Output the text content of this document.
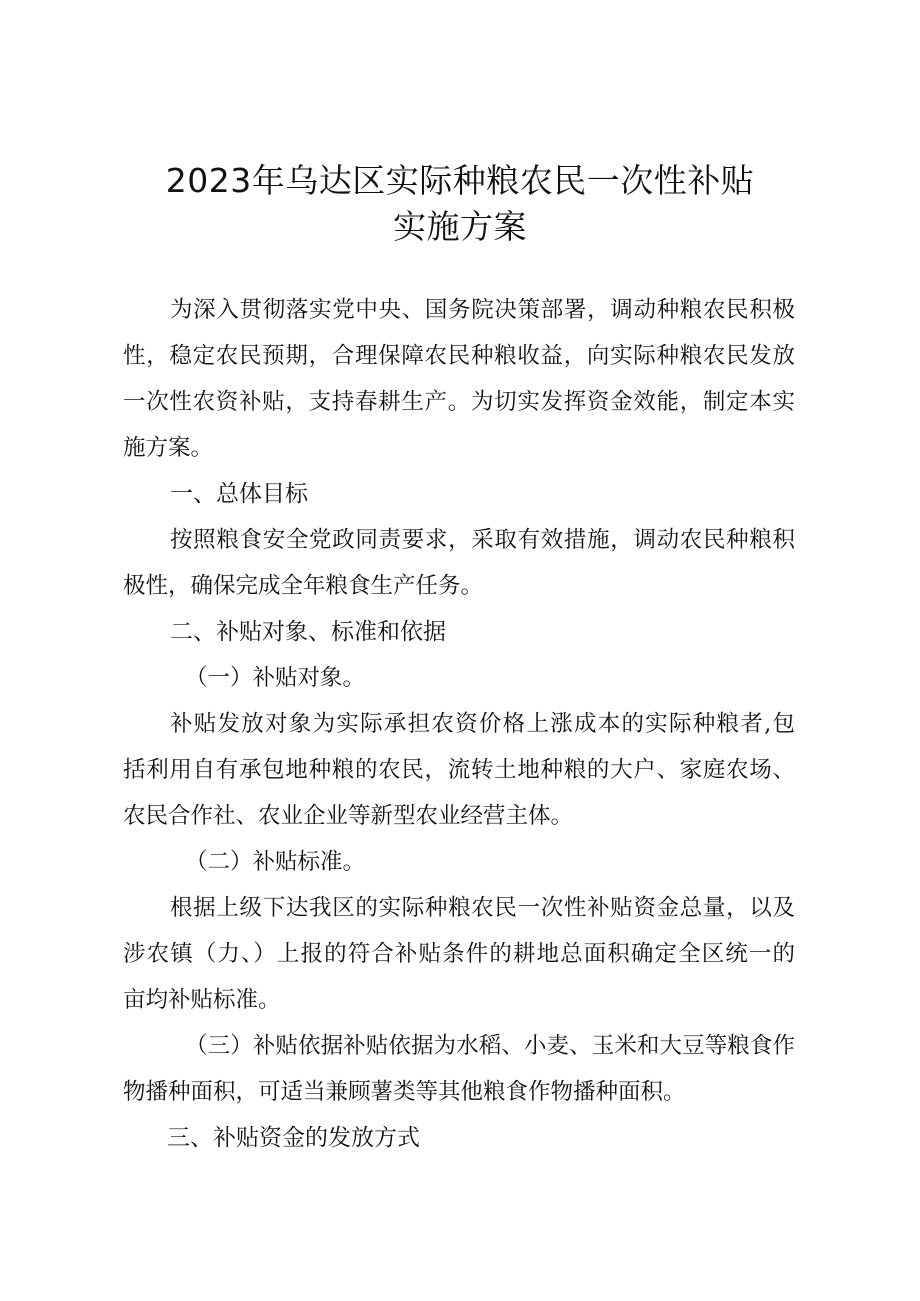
2023年乌达区实际种粮农民一次性补贴
实施方案
为深入贯彻落实党中央、国务院决策部署，调动种粮农民积极
性，稳定农民预期，合理保障农民种粮收益，向实际种粮农民发放
一次性农资补贴，支持春耕生产。为切实发挥资金效能，制定本实
施方案。
一、总体目标
按照粮食安全党政同责要求，采取有效措施，调动农民种粮积
极性，确保完成全年粮食生产任务。
二、补贴对象、标准和依据
（一）补贴对象。
补贴发放对象为实际承担农资价格上涨成本的实际种粮者,包
括利用自有承包地种粮的农民，流转土地种粮的大户、家庭农场、
农民合作社、农业企业等新型农业经营主体。
（二）补贴标准。
根据上级下达我区的实际种粮农民一次性补贴资金总量，以及
涉农镇（力、）上报的符合补贴条件的耕地总面积确定全区统一的
亩均补贴标准。
（三）补贴依据补贴依据为水稻、小麦、玉米和大豆等粮食作
物播种面积，可适当兼顾薯类等其他粮食作物播种面积。
三、补贴资金的发放方式
